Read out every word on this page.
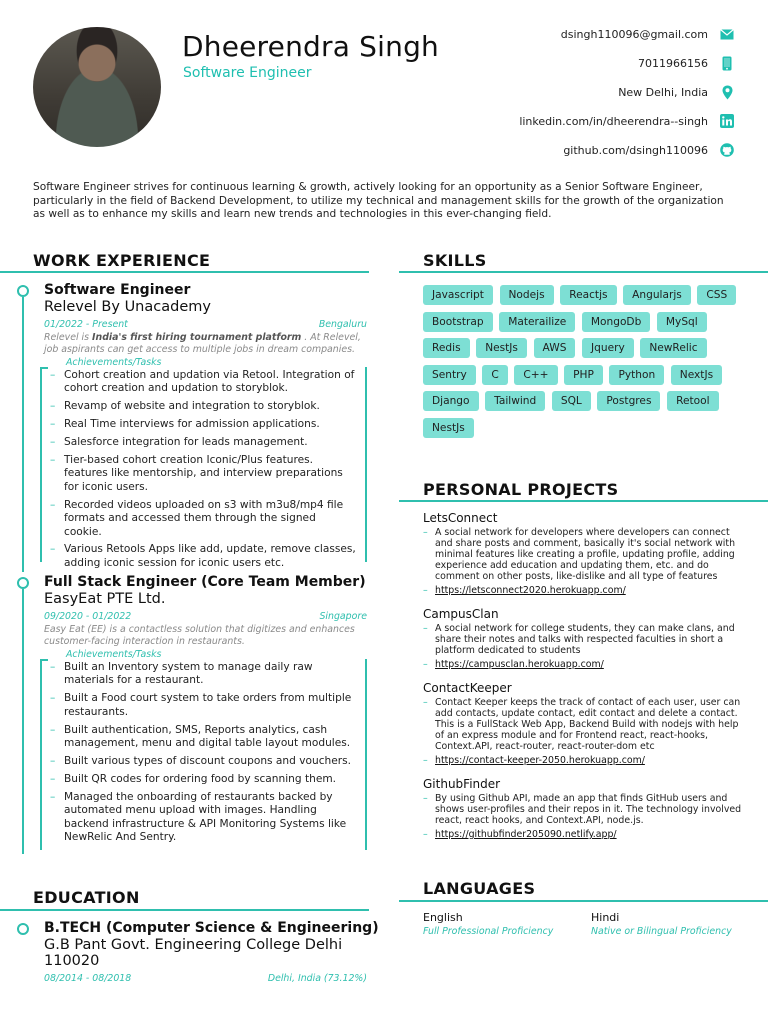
Dheerendra Singh
Software Engineer
dsingh110096@gmail.com
7011966156
New Delhi, India
linkedin.com/in/dheerendra--singh
github.com/dsingh110096
Software Engineer strives for continuous learning & growth, actively looking for an opportunity as a Senior Software Engineer, particularly in the field of Backend Development, to utilize my technical and management skills for the growth of the organization as well as to enhance my skills and learn new trends and technologies in this ever-changing field.
WORK EXPERIENCE
Software Engineer
Relevel By Unacademy
01/2022 - Present	Bengaluru
Relevel is India's first hiring tournament platform . At Relevel, job aspirants can get access to multiple jobs in dream companies.
Achievements/Tasks
– Cohort creation and updation via Retool. Integration of cohort creation and updation to storyblok.
– Revamp of website and integration to storyblok.
– Real Time interviews for admission applications.
– Salesforce integration for leads management.
– Tier-based cohort creation Iconic/Plus features. features like mentorship, and interview preparations for iconic users.
– Recorded videos uploaded on s3 with m3u8/mp4 file formats and accessed them through the signed cookie.
– Various Retools Apps like add, update, remove classes, adding iconic session for iconic users etc.
Full Stack Engineer (Core Team Member)
EasyEat PTE Ltd.
09/2020 - 01/2022	Singapore
Easy Eat (EE) is a contactless solution that digitizes and enhances customer-facing interaction in restaurants.
Achievements/Tasks
– Built an Inventory system to manage daily raw materials for a restaurant.
– Built a Food court system to take orders from multiple restaurants.
– Built authentication, SMS, Reports analytics, cash management, menu and digital table layout modules.
– Built various types of discount coupons and vouchers.
– Built QR codes for ordering food by scanning them.
– Managed the onboarding of restaurants backed by automated menu upload with images. Handling backend infrastructure & API Monitoring Systems like NewRelic And Sentry.
EDUCATION
B.TECH (Computer Science & Engineering)
G.B Pant Govt. Engineering College Delhi 110020
08/2014 - 08/2018	Delhi, India (73.12%)
SKILLS
Javascript	Nodejs	Reactjs	Angularjs	CSS
Bootstrap	Materailize	MongoDb	MySql
Redis	NestJs	AWS	Jquery	NewRelic
Sentry	C	C++	PHP	Python	NextJs
Django	Tailwind	SQL	Postgres	Retool
NestJs
PERSONAL PROJECTS
LetsConnect
– A social network for developers where developers can connect and share posts and comment, basically it's social network with minimal features like creating a profile, updating profile, adding experience add education and updating them, etc. and do comment on other posts, like-dislike and all type of features
– https://letsconnect2020.herokuapp.com/
CampusClan
– A social network for college students, they can make clans, and share their notes and talks with respected faculties in short a platform dedicated to students
– https://campusclan.herokuapp.com/
ContactKeeper
– Contact Keeper keeps the track of contact of each user, user can add contacts, update contact, edit contact and delete a contact. This is a FullStack Web App, Backend Build with nodejs with help of an express module and for Frontend react, react-hooks, Context.API, react-router, react-router-dom etc
– https://contact-keeper-2050.herokuapp.com/
GithubFinder
– By using Github API, made an app that finds GitHub users and shows user-profiles and their repos in it. The technology involved react, react hooks, and Context.API, node.js.
– https://githubfinder205090.netlify.app/
LANGUAGES
English
Full Professional Proficiency
Hindi
Native or Bilingual Proficiency
